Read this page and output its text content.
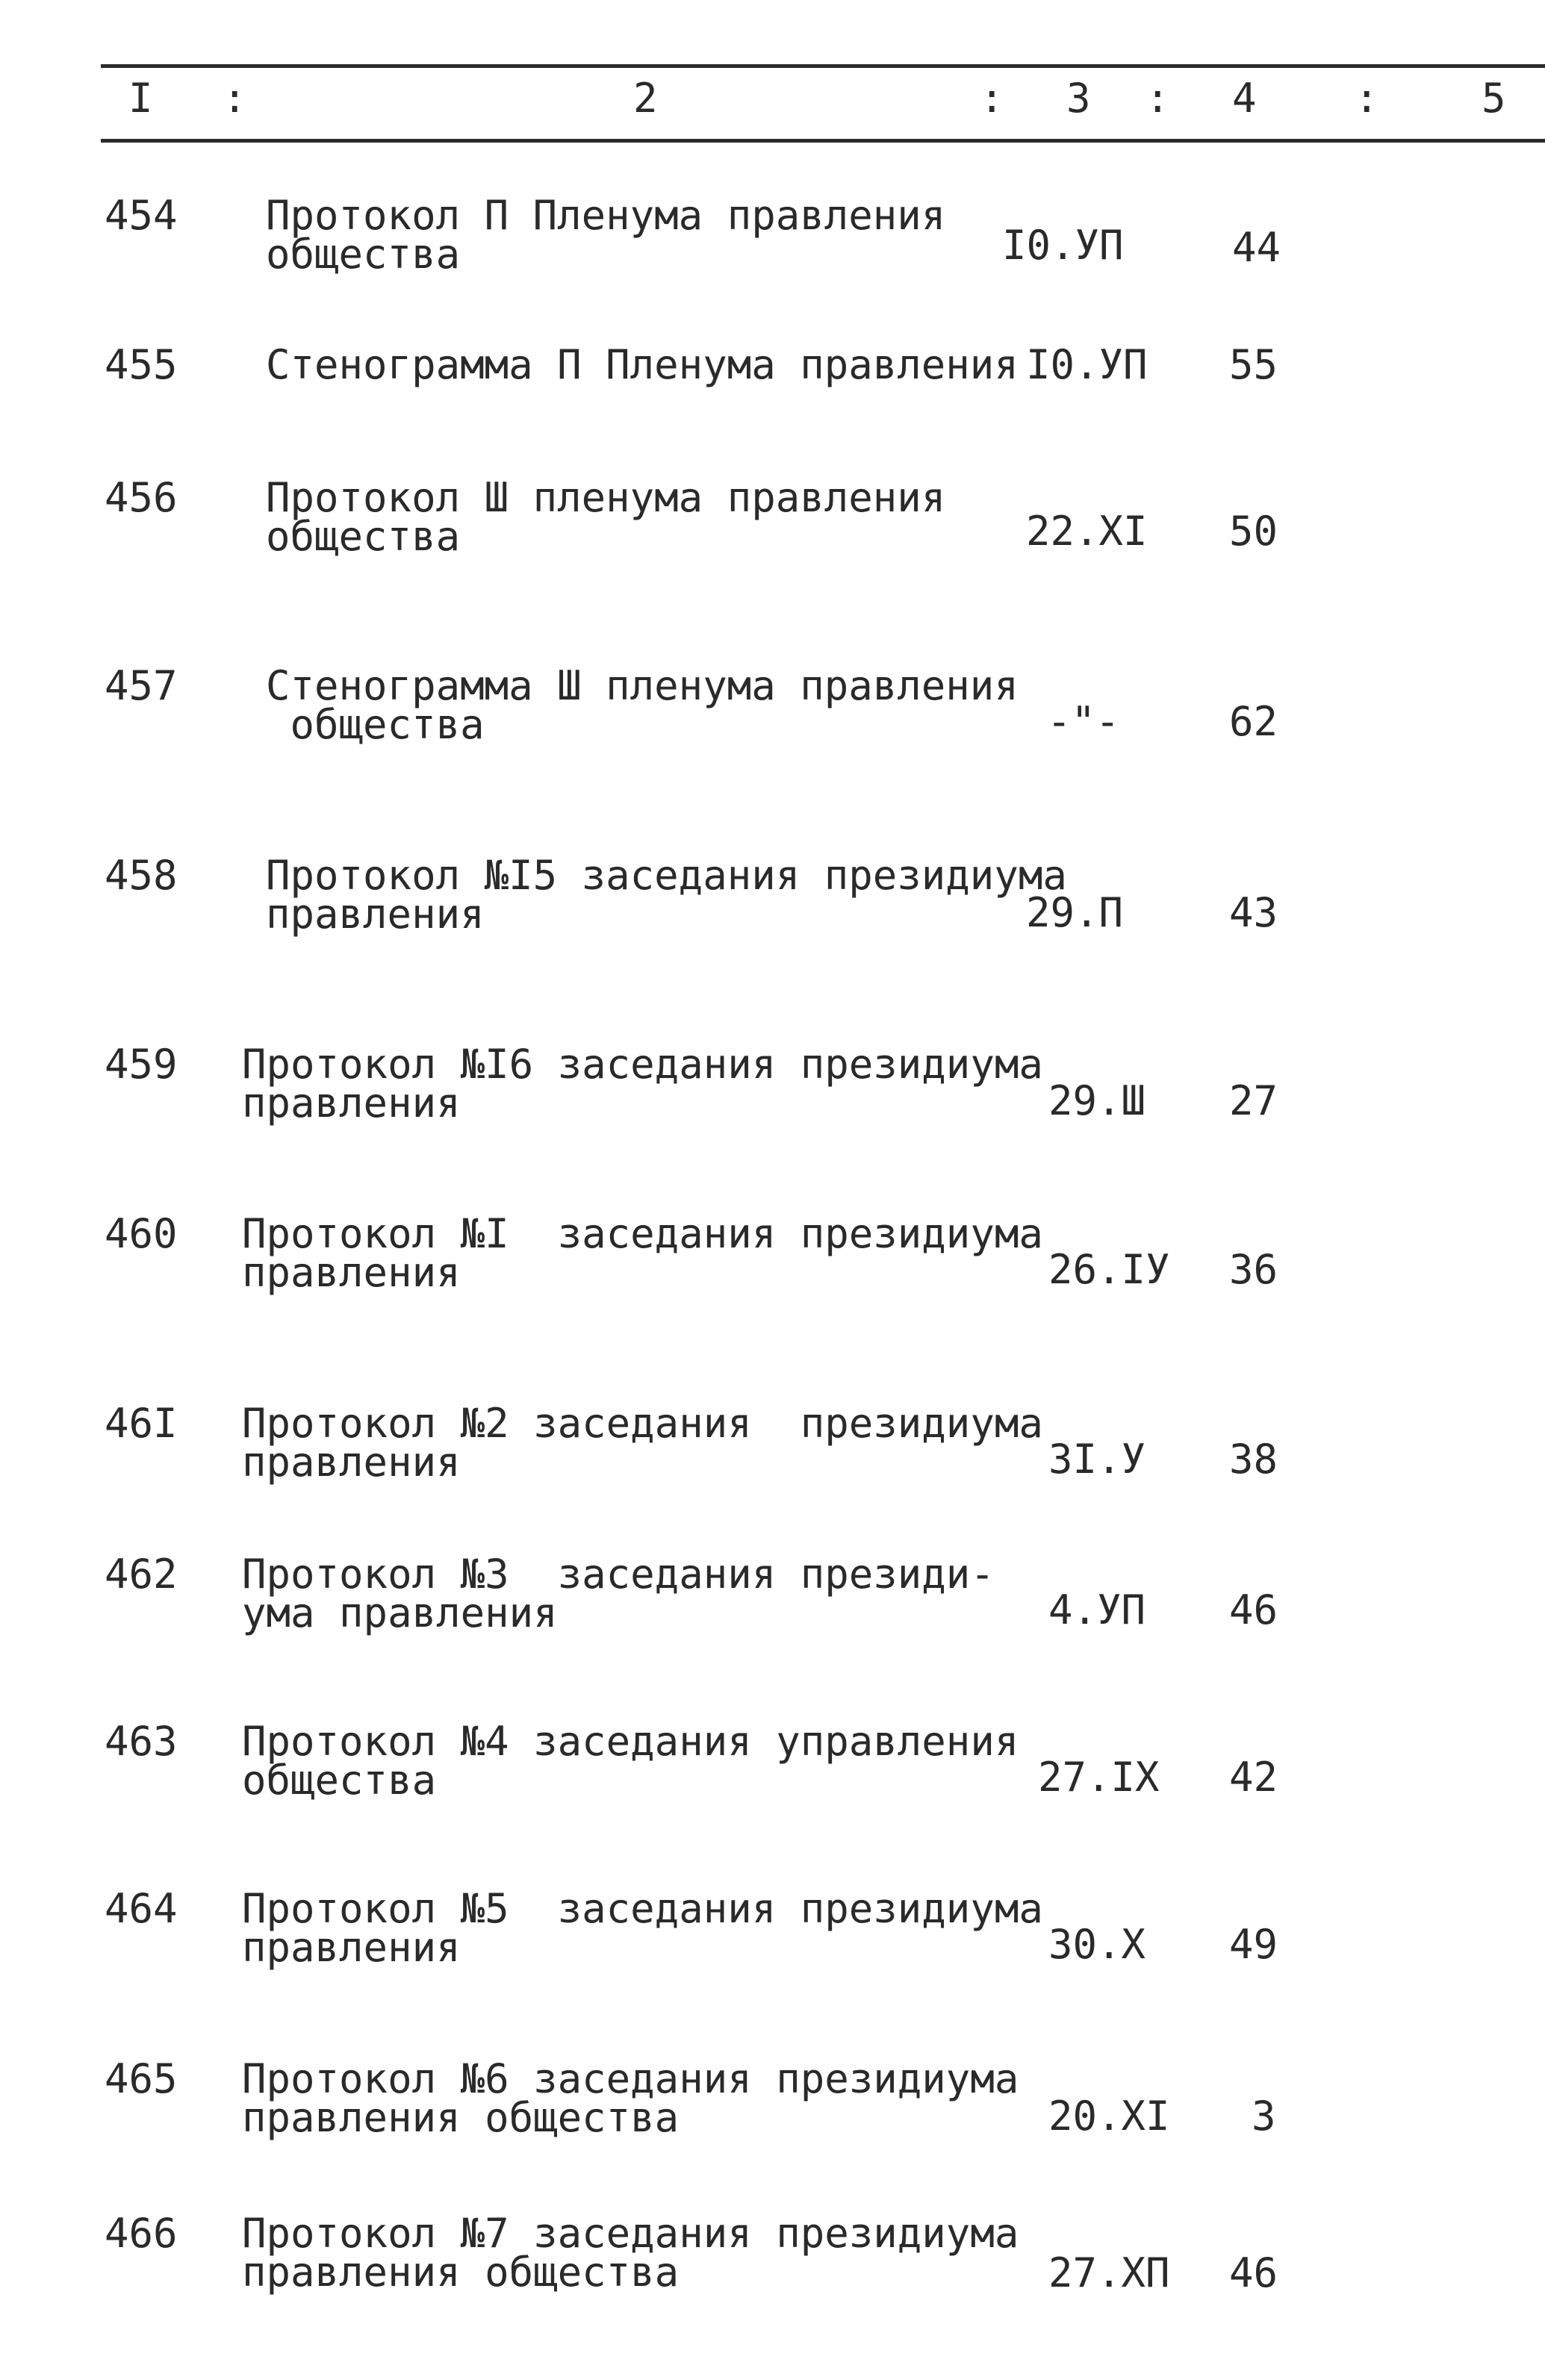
I :	2	: 3 : 4 :	5
454 Протокол П Пленума правления
общества	I0.УП	44
455 Стенограмма П Пленума правления I0.УП 55
456 Протокол Ш пленума правления
общества	22.XI 50
457 Стенограмма Ш пленума правления
общества	-"-	62
458 Протокол №I5 заседания президиума
правления	29.П	43
459 Протокол №I6 заседания президиума
правления	29.Ш 27
460 Протокол №I  заседания президиума
правления	26.IУ 36
46I Протокол №2 заседания  президиума
правления	3I.У 38
462 Протокол №3  заседания президи-
ума правления	4.УП 46
463 Протокол №4 заседания управления
общества	27.IX 42
464 Протокол №5  заседания президиума
правления	30.X 49
465 Протокол №6 заседания президиума
правления общества	20.XI 3
466 Протокол №7 заседания президиума
правления общества	27.XП 46
